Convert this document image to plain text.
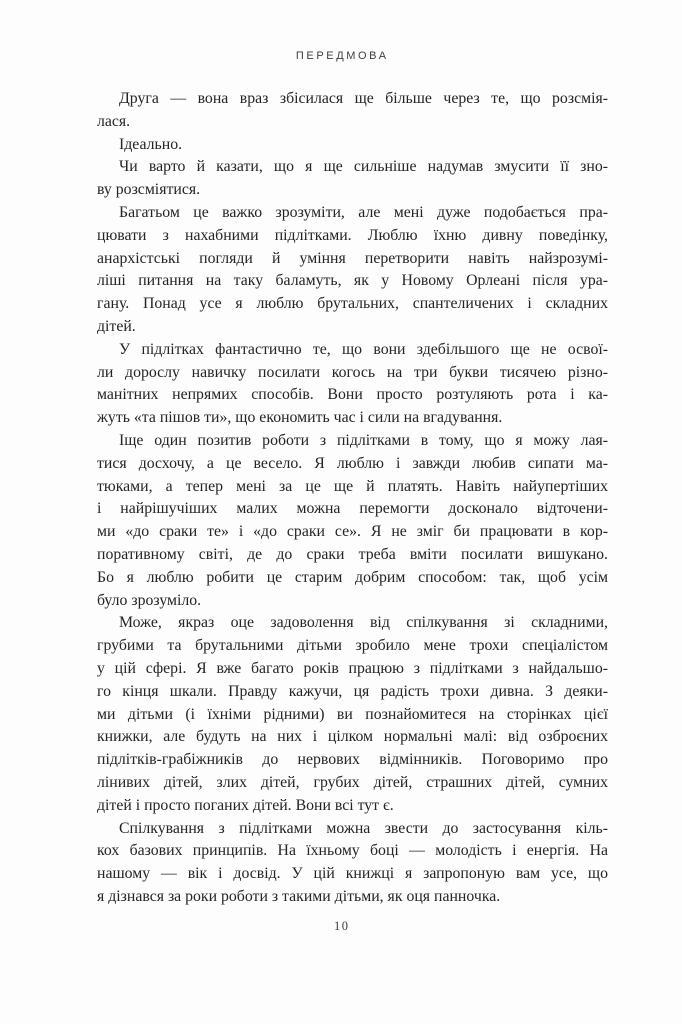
ПЕРЕДМОВА
Друга — вона враз збісилася ще більше через те, що розсмія-
лася.
Ідеально.
Чи варто й казати, що я ще сильніше надумав змусити її зно-
ву розсміятися.
Багатьом це важко зрозуміти, але мені дуже подобається пра-
цювати з нахабними підлітками. Люблю їхню дивну поведінку,
анархістські погляди й уміння перетворити навіть найзрозумі-
ліші питання на таку баламуть, як у Новому Орлеані після ура-
гану. Понад усе я люблю брутальних, спантеличених і складних
дітей.
У підлітках фантастично те, що вони здебільшого ще не освої-
ли дорослу навичку посилати когось на три букви тисячею різно-
манітних непрямих способів. Вони просто розтуляють рота і ка-
жуть «та пішов ти», що економить час і сили на вгадування.
Іще один позитив роботи з підлітками в тому, що я можу лая-
тися досхочу, а це весело. Я люблю і завжди любив сипати ма-
тюками, а тепер мені за це ще й платять. Навіть найупертіших
і найрішучіших малих можна перемогти досконало відточени-
ми «до сраки те» і «до сраки се». Я не зміг би працювати в кор-
поративному світі, де до сраки треба вміти посилати вишукано.
Бо я люблю робити це старим добрим способом: так, щоб усім
було зрозуміло.
Може, якраз оце задоволення від спілкування зі складними,
грубими та брутальними дітьми зробило мене трохи спеціалістом
у цій сфері. Я вже багато років працюю з підлітками з найдальшо-
го кінця шкали. Правду кажучи, ця радість трохи дивна. З деяки-
ми дітьми (і їхніми рідними) ви познайомитеся на сторінках цієї
книжки, але будуть на них і цілком нормальні малі: від озброєних
підлітків-грабіжників до нервових відмінників. Поговоримо про
лінивих дітей, злих дітей, грубих дітей, страшних дітей, сумних
дітей і просто поганих дітей. Вони всі тут є.
Спілкування з підлітками можна звести до застосування кіль-
кох базових принципів. На їхньому боці — молодість і енергія. На
нашому — вік і досвід. У цій книжці я запропоную вам усе, що
я дізнався за роки роботи з такими дітьми, як оця панночка.
10
